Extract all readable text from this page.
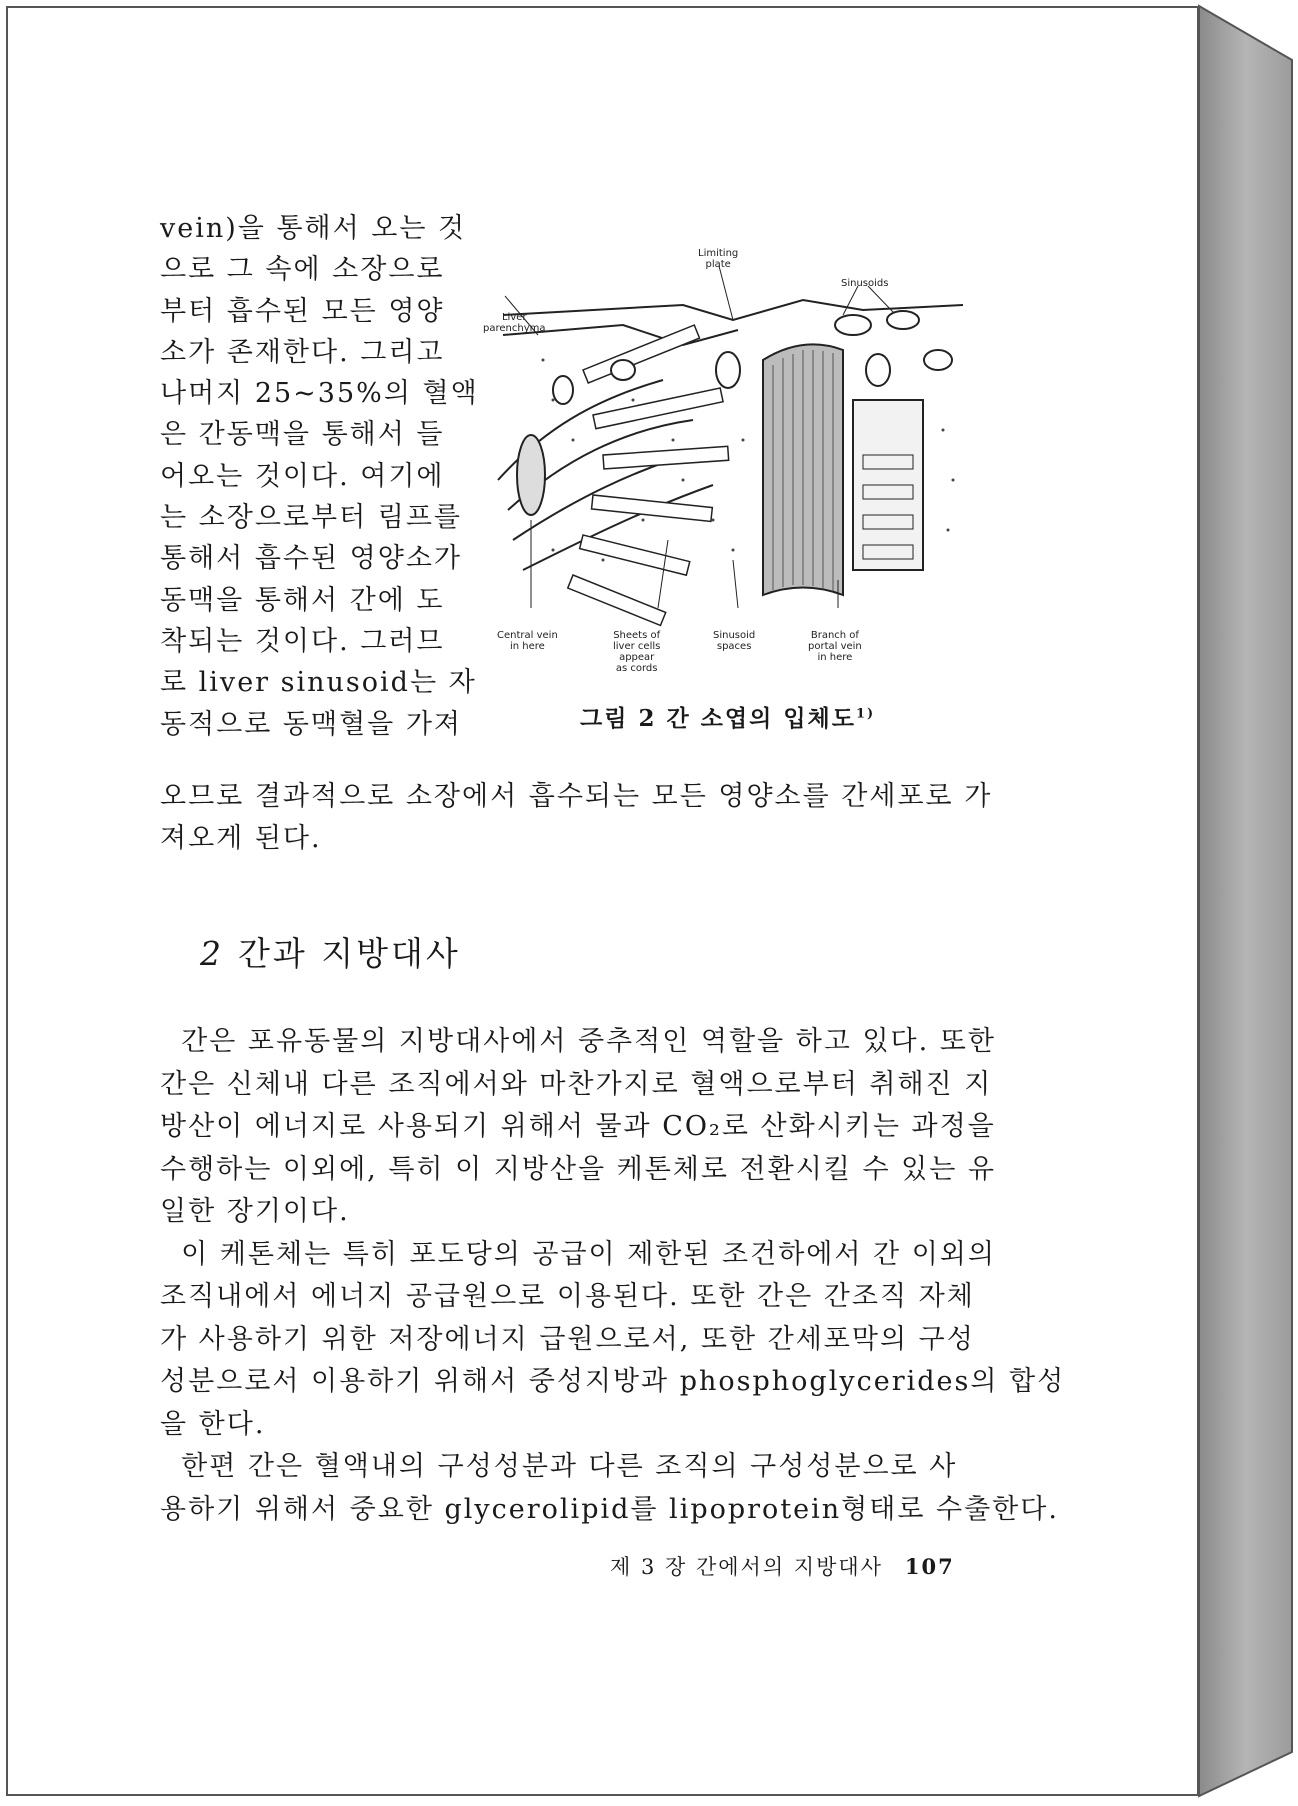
vein)을 통해서 오는 것
으로 그 속에 소장으로
부터 흡수된 모든 영양
소가 존재한다. 그리고
나머지 25~35%의 혈액
은 간동맥을 통해서 들
어오는 것이다. 여기에
는 소장으로부터 림프를
통해서 흡수된 영양소가
동맥을 통해서 간에 도
착되는 것이다. 그러므
로 liver sinusoid는 자
동적으로 동맥혈을 가져
Limiting
plate
Sinusoids
Liver
parenchyma
Central vein
in here
Sheets of
liver cells
appear
as cords
Sinusoid
spaces
Branch of
portal vein
in here
그림 2 간 소엽의 입체도$^{1)}$
오므로 결과적으로 소장에서 흡수되는 모든 영양소를 간세포로 가
져오게 된다.
2 간과 지방대사
간은 포유동물의 지방대사에서 중추적인 역할을 하고 있다. 또한
간은 신체내 다른 조직에서와 마찬가지로 혈액으로부터 취해진 지
방산이 에너지로 사용되기 위해서 물과 CO₂로 산화시키는 과정을
수행하는 이외에, 특히 이 지방산을 케톤체로 전환시킬 수 있는 유
일한 장기이다.
이 케톤체는 특히 포도당의 공급이 제한된 조건하에서 간 이외의
조직내에서 에너지 공급원으로 이용된다. 또한 간은 간조직 자체
가 사용하기 위한 저장에너지 급원으로서, 또한 간세포막의 구성
성분으로서 이용하기 위해서 중성지방과 phosphoglycerides의 합성
을 한다.
한편 간은 혈액내의 구성성분과 다른 조직의 구성성분으로 사
용하기 위해서 중요한 glycerolipid를 lipoprotein형태로 수출한다.
제 3 장 간에서의 지방대사 107
